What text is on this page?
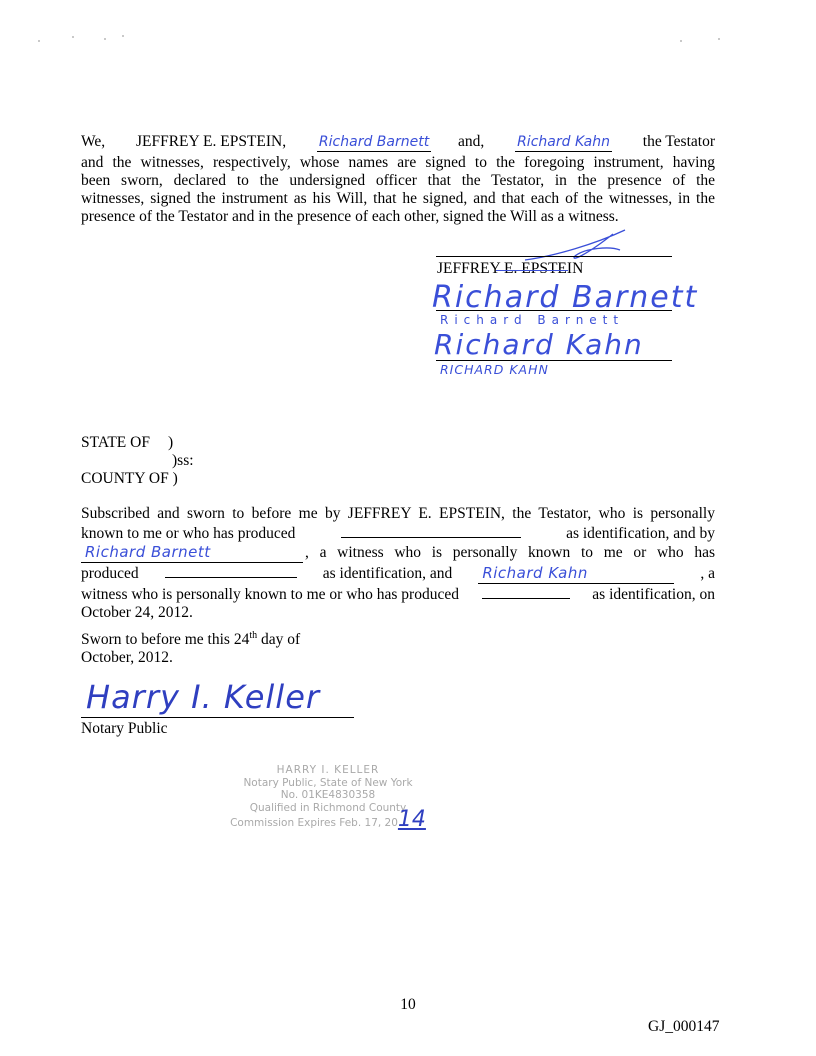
We, JEFFREY E. EPSTEIN, Richard Barnett and, Richard Kahn the Testator

and the witnesses, respectively, whose names are signed to the foregoing instrument, having

been sworn, declared to the undersigned officer that the Testator, in the presence of the

witnesses, signed the instrument as his Will, that he signed, and that each of the witnesses, in the

presence of the Testator and in the presence of each other, signed the Will as a witness.

JEFFREY E. EPSTEIN
Richard Barnett
Richard Barnett
Richard Kahn
RICHARD KAHN
STATE OF )
)ss:
COUNTY OF )

Subscribed and sworn to before me by JEFFREY E. EPSTEIN, the Testator, who is personally

known to me or who has produced	as identification, and by
Richard Barnett	, a witness who is personally known to me or who has
produced	as identification, and Richard Kahn	, a
witness who is personally known to me or who has produced	as identification, on

October 24, 2012.

Sworn to before me this 24th day of
October, 2012.
Harry I. Keller
Notary Public
HARRY I. KELLER
Notary Public, State of New York
No. 01KE4830358
Qualified in Richmond County
Commission Expires Feb. 17, 2014
10
GJ_000147
